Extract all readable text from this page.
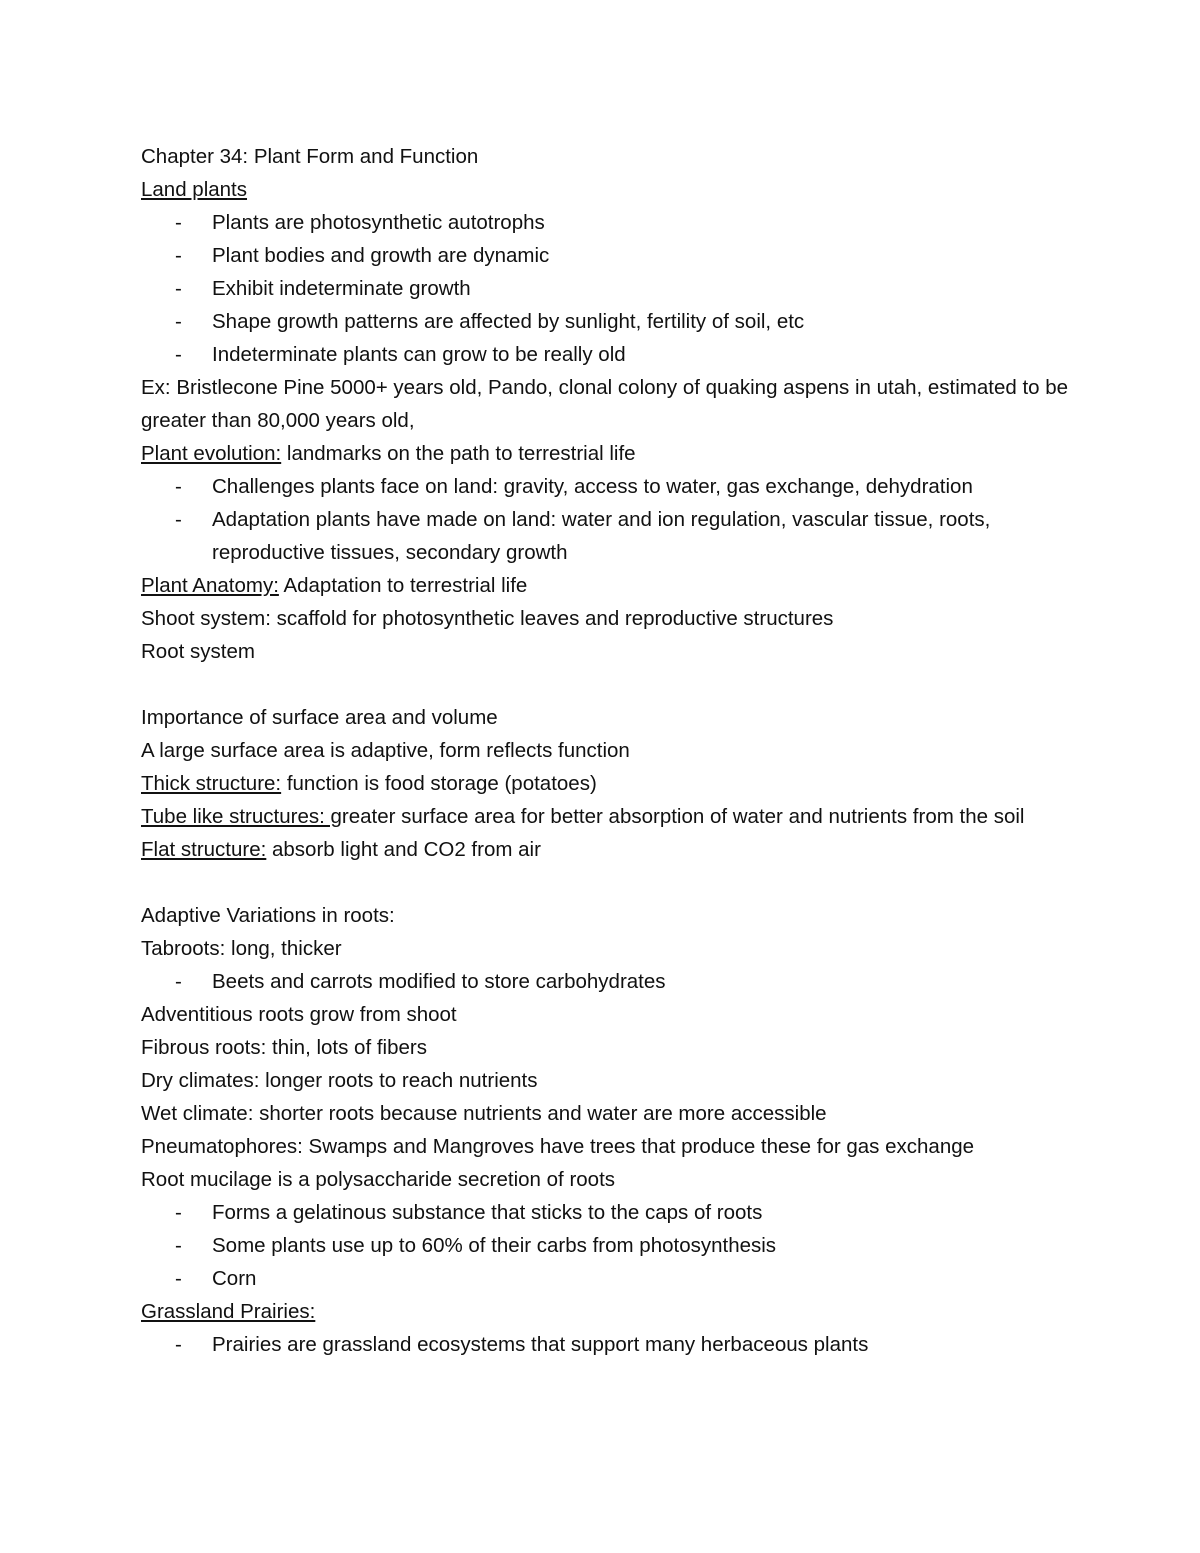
Chapter 34: Plant Form and Function

Land plants

-	Plants are photosynthetic autotrophs
-	Plant bodies and growth are dynamic
-	Exhibit indeterminate growth
-	Shape growth patterns are affected by sunlight, fertility of soil, etc
-	Indeterminate plants can grow to be really old

Ex: Bristlecone Pine 5000+ years old, Pando, clonal colony of quaking aspens in utah, estimated to be greater than 80,000 years old,

Plant evolution: landmarks on the path to terrestrial life

-	Challenges plants face on land: gravity, access to water, gas exchange, dehydration
-	Adaptation plants have made on land: water and ion regulation, vascular tissue, roots, reproductive tissues, secondary growth

Plant Anatomy: Adaptation to terrestrial life

Shoot system: scaffold for photosynthetic leaves and reproductive structures

Root system

Importance of surface area and volume

A large surface area is adaptive, form reflects function

Thick structure: function is food storage (potatoes)

Tube like structures: greater surface area for better absorption of water and nutrients from the soil

Flat structure: absorb light and CO2 from air

Adaptive Variations in roots:

Tabroots: long, thicker

-	Beets and carrots modified to store carbohydrates

Adventitious roots grow from shoot

Fibrous roots: thin, lots of fibers

Dry climates: longer roots to reach nutrients

Wet climate: shorter roots because nutrients and water are more accessible

Pneumatophores: Swamps and Mangroves have trees that produce these for gas exchange

Root mucilage is a polysaccharide secretion of roots

-	Forms a gelatinous substance that sticks to the caps of roots
-	Some plants use up to 60% of their carbs from photosynthesis
-	Corn

Grassland Prairies:

-	Prairies are grassland ecosystems that support many herbaceous plants
